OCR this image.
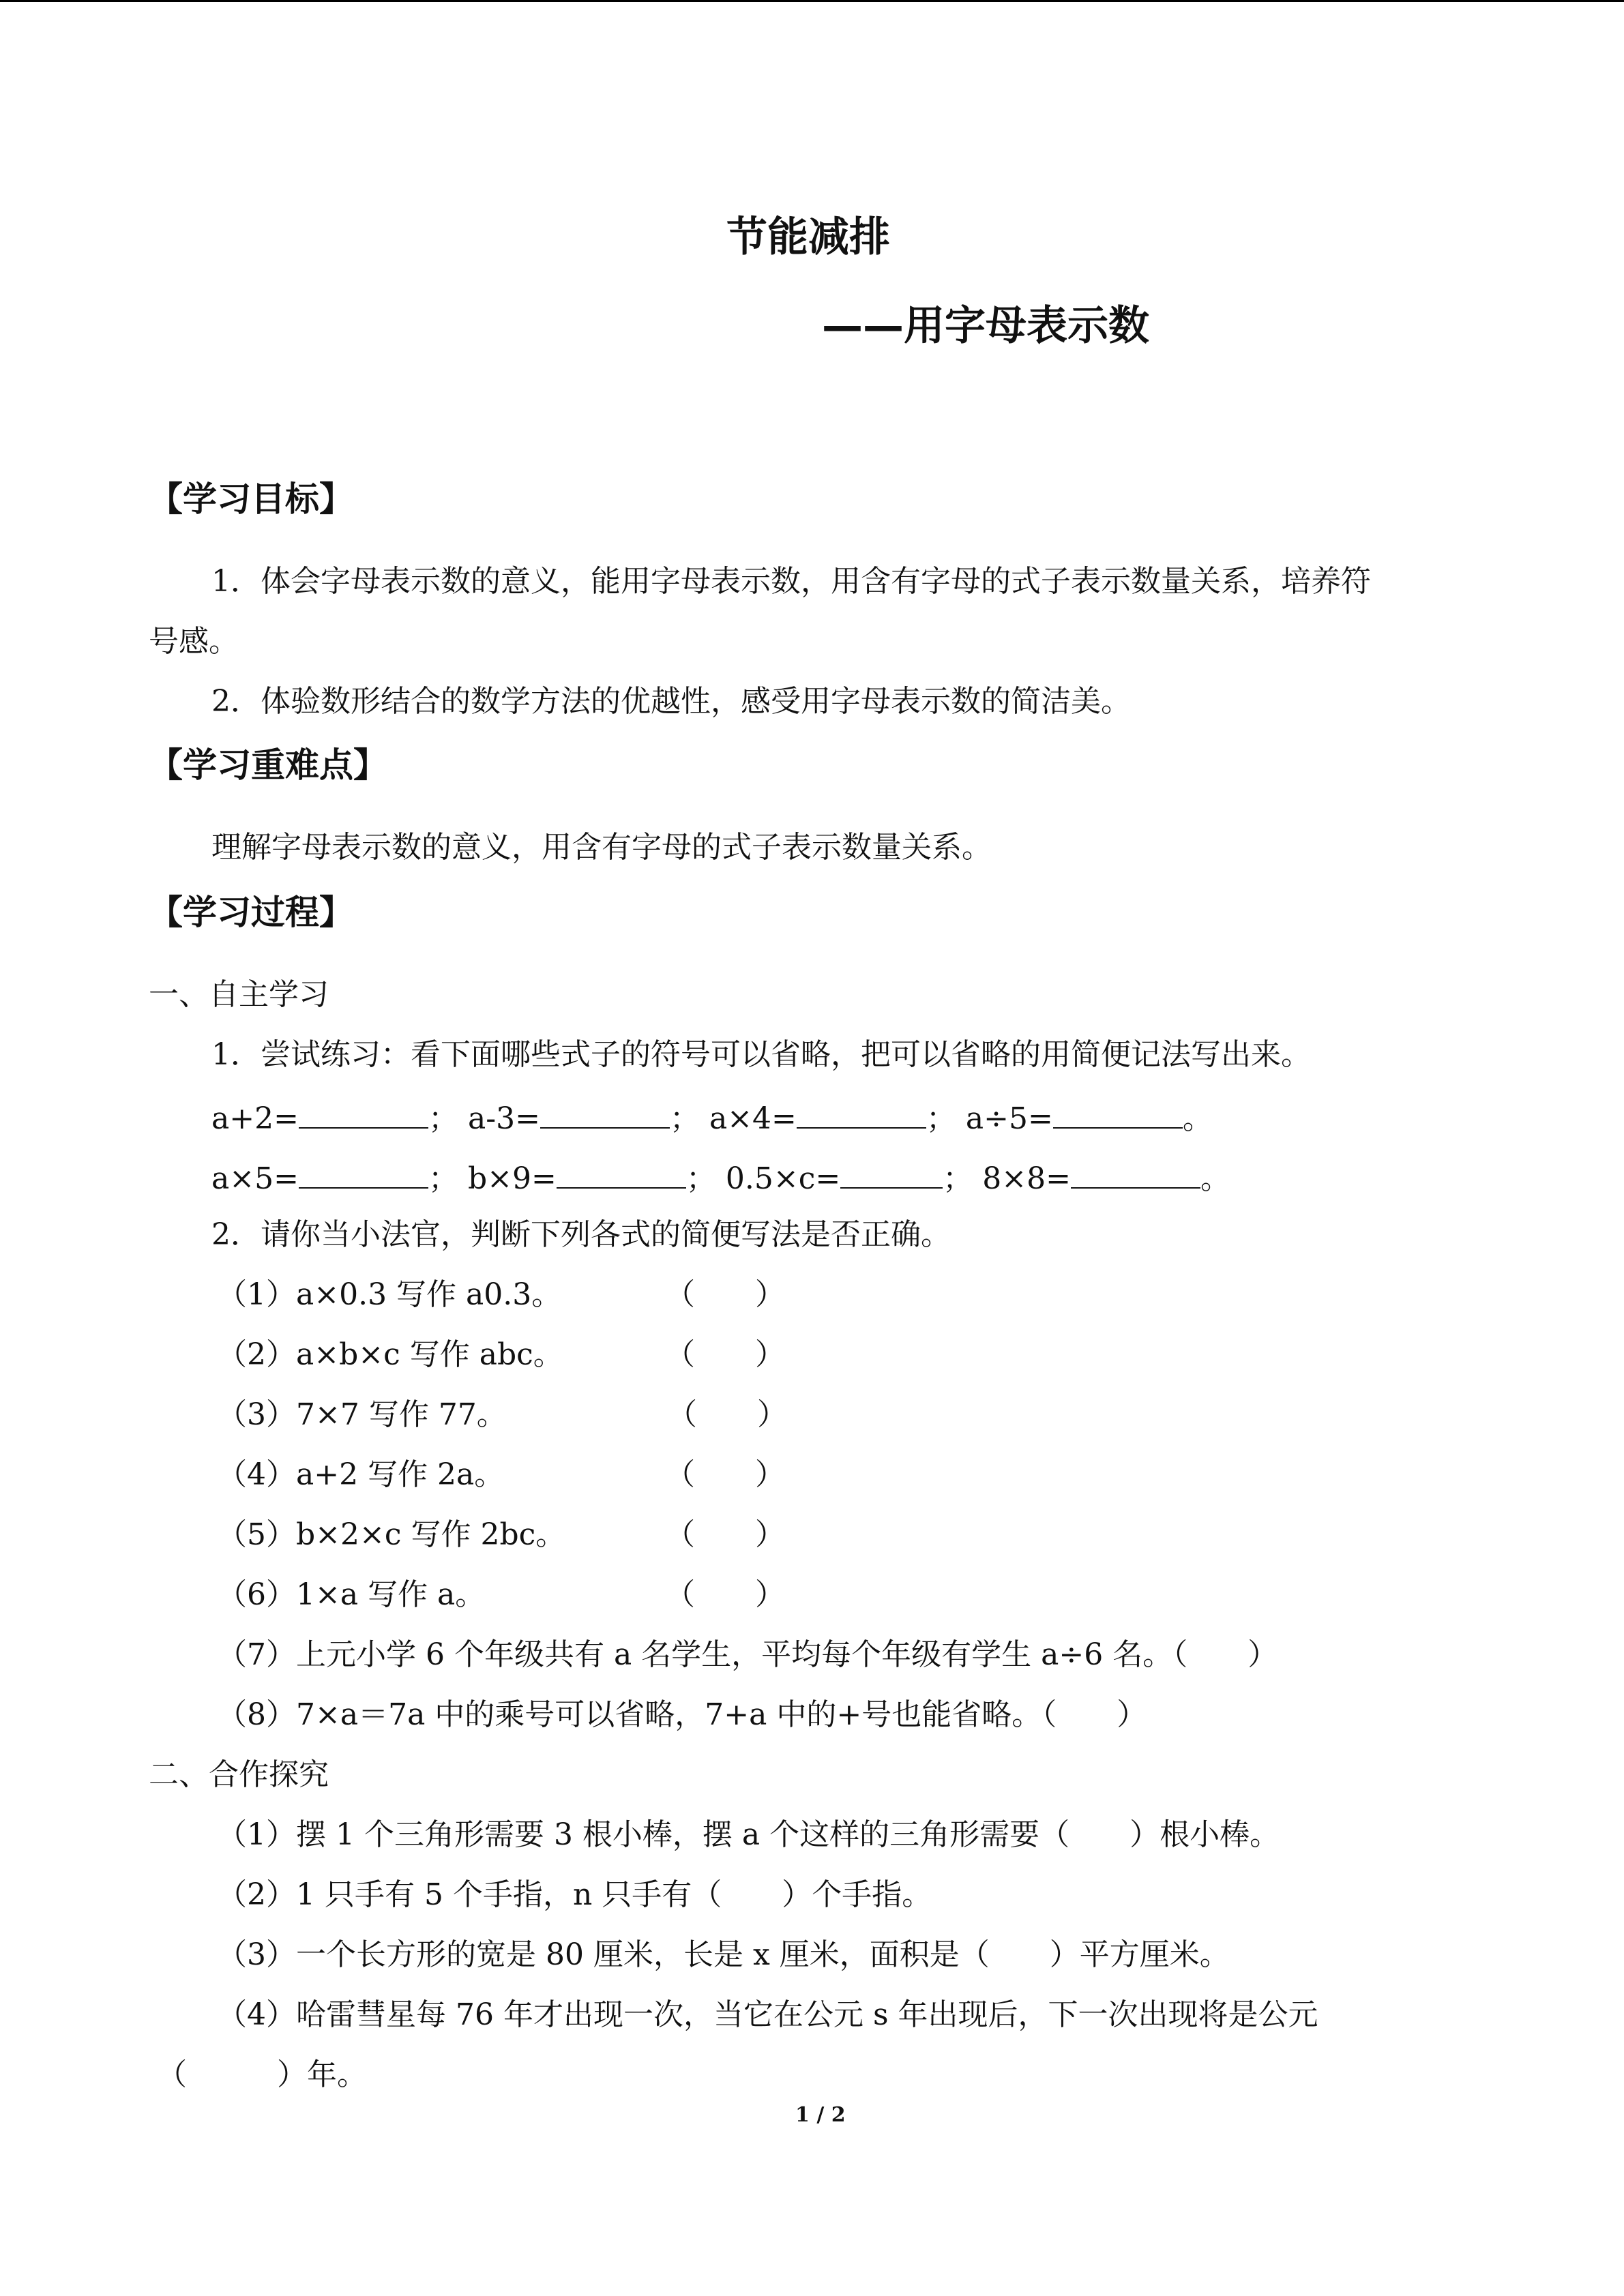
节能减排
——用字母表示数
【学习目标】
1．体会字母表示数的意义，能用字母表示数，用含有字母的式子表示数量关系，培养符
号感。
2．体验数形结合的数学方法的优越性，感受用字母表示数的简洁美。
【学习重难点】
理解字母表示数的意义，用含有字母的式子表示数量关系。
【学习过程】
一、自主学习
1．尝试练习：看下面哪些式子的符号可以省略，把可以省略的用简便记法写出来。
a+2=	； a-3=	； a×4=	； a÷5=	。
a×5=	； b×9=	； 0.5×c=	； 8×8=	。
2．请你当小法官，判断下列各式的简便写法是否正确。
（1）a×0.3 写作 a0.3。	（　　）
（2）a×b×c 写作 abc。	（　　）
（3）7×7 写作 77。	（　　）
（4）a+2 写作 2a。	（　　）
（5）b×2×c 写作 2bc。	（　　）
（6）1×a 写作 a。	（　　）
（7）上元小学 6 个年级共有 a 名学生，平均每个年级有学生 a÷6 名。（　　）
（8）7×a＝7a 中的乘号可以省略，7+a 中的+号也能省略。（　　）
二、合作探究
（1）摆 1 个三角形需要 3 根小棒，摆 a 个这样的三角形需要（　　）根小棒。
（2）1 只手有 5 个手指，n 只手有（　　）个手指。
（3）一个长方形的宽是 80 厘米，长是 x 厘米，面积是（　　）平方厘米。
（4）哈雷彗星每 76 年才出现一次，当它在公元 s 年出现后，下一次出现将是公元
（　　　）年。
1 / 2
